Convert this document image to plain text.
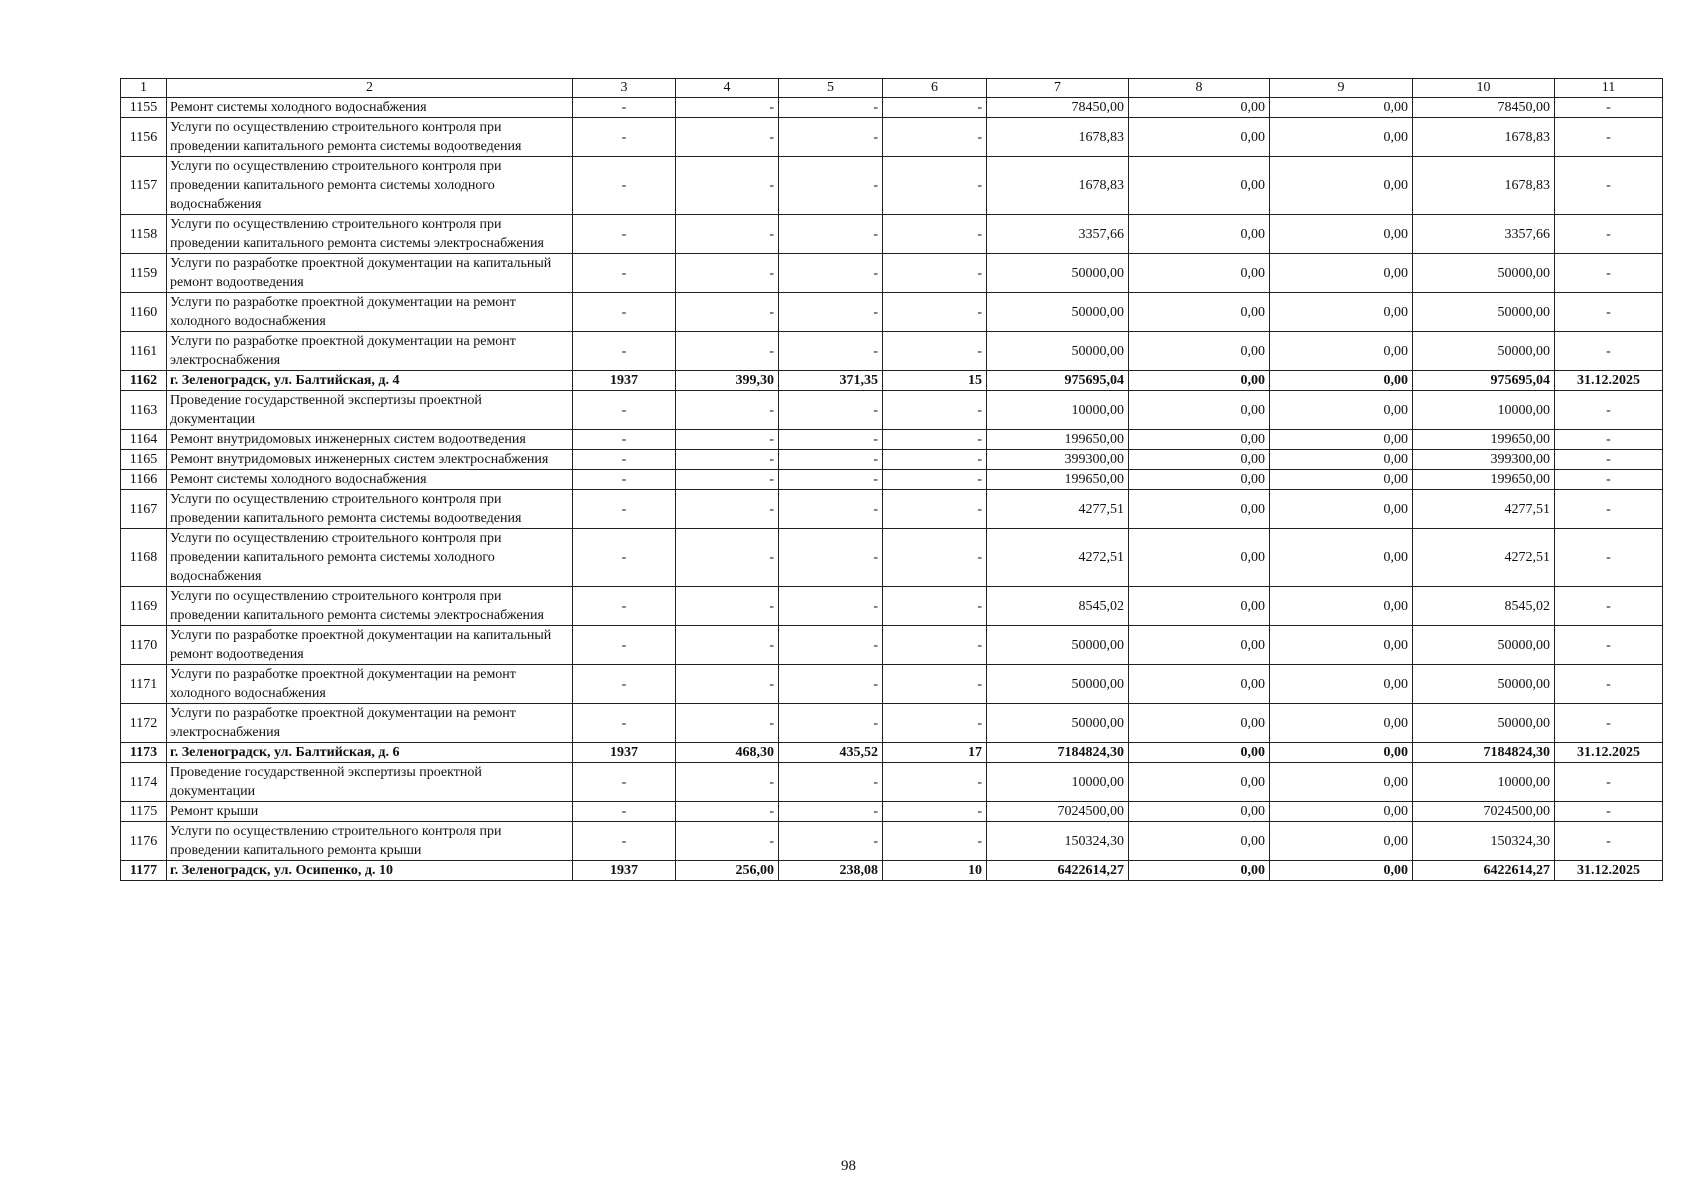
1	2	3	4	5	6	7	8	9	10	11
1155	Ремонт системы холодного водоснабжения	-	-	-	-	78450,00	0,00	0,00	78450,00	-
1156	Услуги по осуществлению строительного контроля при проведении капитального ремонта системы водоотведения	-	-	-	-	1678,83	0,00	0,00	1678,83	-
1157	Услуги по осуществлению строительного контроля при проведении капитального ремонта системы холодного водоснабжения	-	-	-	-	1678,83	0,00	0,00	1678,83	-
1158	Услуги по осуществлению строительного контроля при проведении капитального ремонта системы электроснабжения	-	-	-	-	3357,66	0,00	0,00	3357,66	-
1159	Услуги по разработке проектной документации на капитальный ремонт водоотведения	-	-	-	-	50000,00	0,00	0,00	50000,00	-
1160	Услуги по разработке проектной документации на ремонт холодного водоснабжения	-	-	-	-	50000,00	0,00	0,00	50000,00	-
1161	Услуги по разработке проектной документации на ремонт электроснабжения	-	-	-	-	50000,00	0,00	0,00	50000,00	-
1162	г. Зеленоградск, ул. Балтийская, д. 4	1937	399,30	371,35	15	975695,04	0,00	0,00	975695,04	31.12.2025
1163	Проведение государственной экспертизы проектной документации	-	-	-	-	10000,00	0,00	0,00	10000,00	-
1164	Ремонт внутридомовых инженерных систем водоотведения	-	-	-	-	199650,00	0,00	0,00	199650,00	-
1165	Ремонт внутридомовых инженерных систем электроснабжения	-	-	-	-	399300,00	0,00	0,00	399300,00	-
1166	Ремонт системы холодного водоснабжения	-	-	-	-	199650,00	0,00	0,00	199650,00	-
1167	Услуги по осуществлению строительного контроля при проведении капитального ремонта системы водоотведения	-	-	-	-	4277,51	0,00	0,00	4277,51	-
1168	Услуги по осуществлению строительного контроля при проведении капитального ремонта системы холодного водоснабжения	-	-	-	-	4272,51	0,00	0,00	4272,51	-
1169	Услуги по осуществлению строительного контроля при проведении капитального ремонта системы электроснабжения	-	-	-	-	8545,02	0,00	0,00	8545,02	-
1170	Услуги по разработке проектной документации на капитальный ремонт водоотведения	-	-	-	-	50000,00	0,00	0,00	50000,00	-
1171	Услуги по разработке проектной документации на ремонт холодного водоснабжения	-	-	-	-	50000,00	0,00	0,00	50000,00	-
1172	Услуги по разработке проектной документации на ремонт электроснабжения	-	-	-	-	50000,00	0,00	0,00	50000,00	-
1173	г. Зеленоградск, ул. Балтийская, д. 6	1937	468,30	435,52	17	7184824,30	0,00	0,00	7184824,30	31.12.2025
1174	Проведение государственной экспертизы проектной документации	-	-	-	-	10000,00	0,00	0,00	10000,00	-
1175	Ремонт крыши	-	-	-	-	7024500,00	0,00	0,00	7024500,00	-
1176	Услуги по осуществлению строительного контроля при проведении капитального ремонта крыши	-	-	-	-	150324,30	0,00	0,00	150324,30	-
1177	г. Зеленоградск, ул. Осипенко, д. 10	1937	256,00	238,08	10	6422614,27	0,00	0,00	6422614,27	31.12.2025
98
